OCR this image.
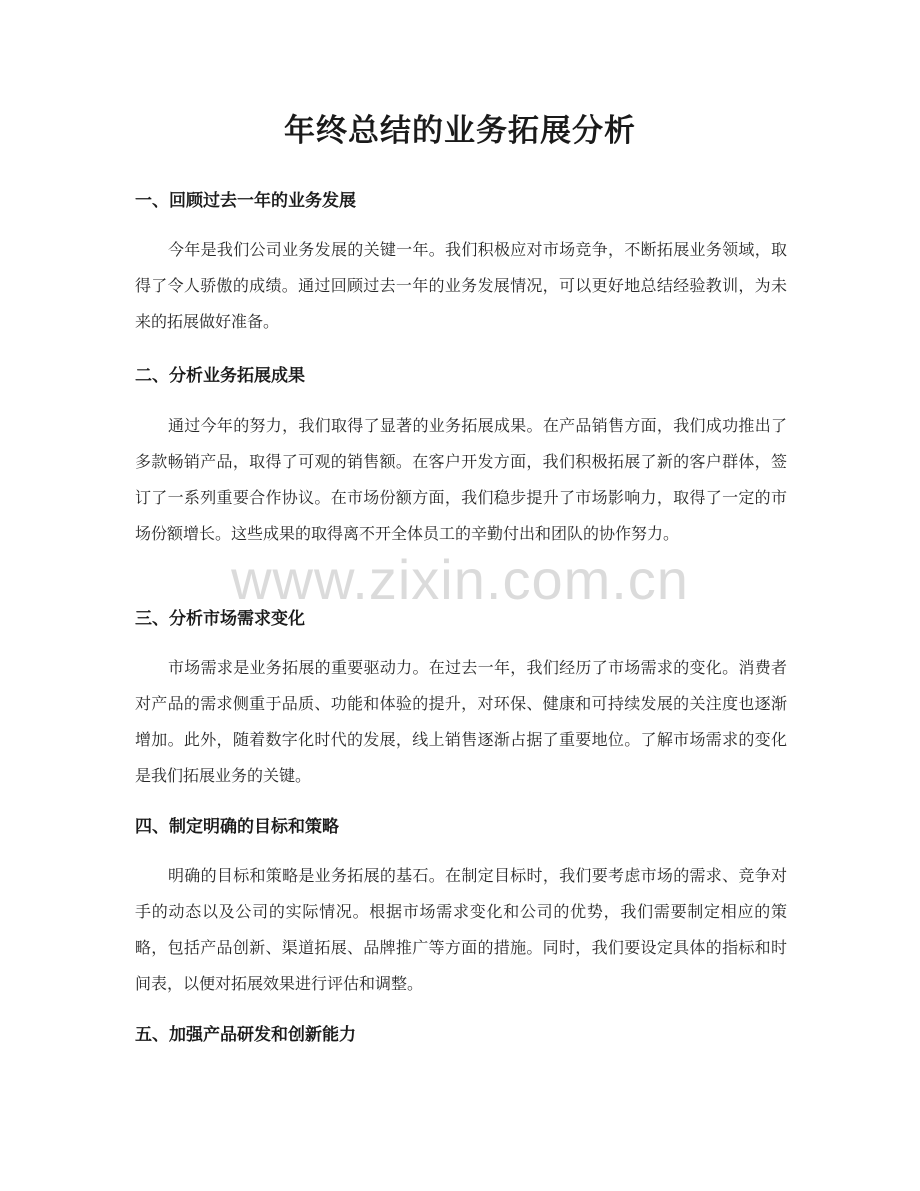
年终总结的业务拓展分析
一、回顾过去一年的业务发展

今年是我们公司业务发展的关键一年。我们积极应对市场竞争，不断拓展业务领域，取得了令人骄傲的成绩。通过回顾过去一年的业务发展情况，可以更好地总结经验教训，为未来的拓展做好准备。

二、分析业务拓展成果

通过今年的努力，我们取得了显著的业务拓展成果。在产品销售方面，我们成功推出了多款畅销产品，取得了可观的销售额。在客户开发方面，我们积极拓展了新的客户群体，签订了一系列重要合作协议。在市场份额方面，我们稳步提升了市场影响力，取得了一定的市场份额增长。这些成果的取得离不开全体员工的辛勤付出和团队的协作努力。

三、分析市场需求变化

市场需求是业务拓展的重要驱动力。在过去一年，我们经历了市场需求的变化。消费者对产品的需求侧重于品质、功能和体验的提升，对环保、健康和可持续发展的关注度也逐渐增加。此外，随着数字化时代的发展，线上销售逐渐占据了重要地位。了解市场需求的变化是我们拓展业务的关键。

四、制定明确的目标和策略

明确的目标和策略是业务拓展的基石。在制定目标时，我们要考虑市场的需求、竞争对手的动态以及公司的实际情况。根据市场需求变化和公司的优势，我们需要制定相应的策略，包括产品创新、渠道拓展、品牌推广等方面的措施。同时，我们要设定具体的指标和时间表，以便对拓展效果进行评估和调整。

五、加强产品研发和创新能力
www.zixin.com.cn
